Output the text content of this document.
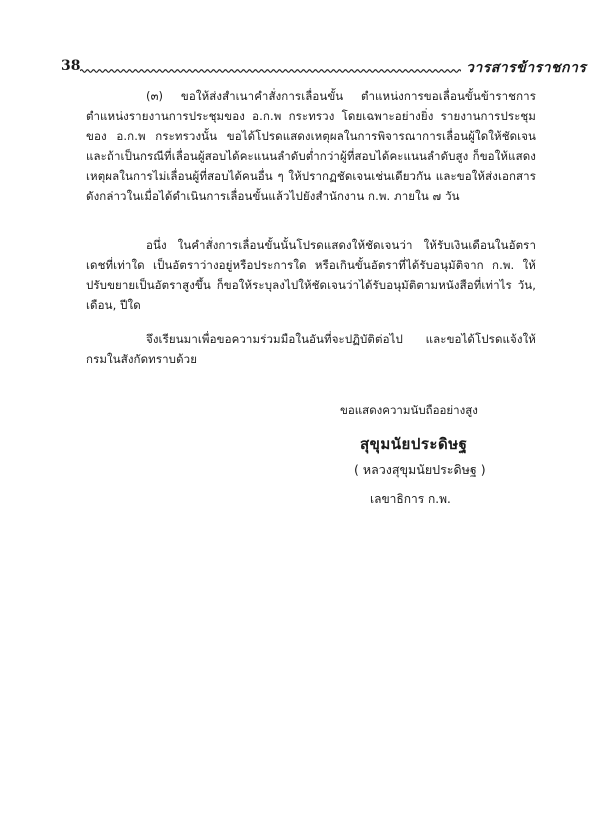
38	วารสารข้าราชการ
(๓) ขอให้ส่งสำเนาคำสั่งการเลื่อนขั้น ตำแหน่งการขอเลื่อนขั้นข้าราชการ ตำแหน่งรายงานการประชุมของ อ.ก.พ กระทรวง โดยเฉพาะอย่างยิ่ง รายงานการประชุมของ อ.ก.พ กระทรวงนั้น ขอได้โปรดแสดงเหตุผลในการพิจารณาการเลื่อนผู้ใดให้ชัดเจน และถ้าเป็นกรณีที่เลื่อนผู้สอบได้คะแนนลำดับต่ำกว่าผู้ที่สอบได้คะแนนลำดับสูง ก็ขอให้แสดงเหตุผลในการไม่เลื่อนผู้ที่สอบได้คนอื่น ๆ ให้ปรากฏชัดเจนเช่นเดียวกัน และขอให้ส่งเอกสารดังกล่าวในเมื่อได้ดำเนินการเลื่อนขั้นแล้วไปยังสำนักงาน ก.พ. ภายใน ๗ วัน
อนึ่ง ในคำสั่งการเลื่อนขั้นนั้นโปรดแสดงให้ชัดเจนว่า ให้รับเงินเดือนในอัตราเดชที่เท่าใด เป็นอัตราว่างอยู่หรือประการใด หรือเกินขั้นอัตราที่ได้รับอนุมัติจาก ก.พ. ให้ปรับขยายเป็นอัตราสูงขึ้น ก็ขอให้ระบุลงไปให้ชัดเจนว่าได้รับอนุมัติตามหนังสือที่เท่าไร วัน, เดือน, ปีใด
จึงเรียนมาเพื่อขอความร่วมมือในอันที่จะปฏิบัติต่อไป และขอได้โปรดแจ้งให้กรมในสังกัดทราบด้วย
ขอแสดงความนับถืออย่างสูง
สุขุมนัยประดิษฐ
( หลวงสุขุมนัยประดิษฐ )
เลขาธิการ ก.พ.
